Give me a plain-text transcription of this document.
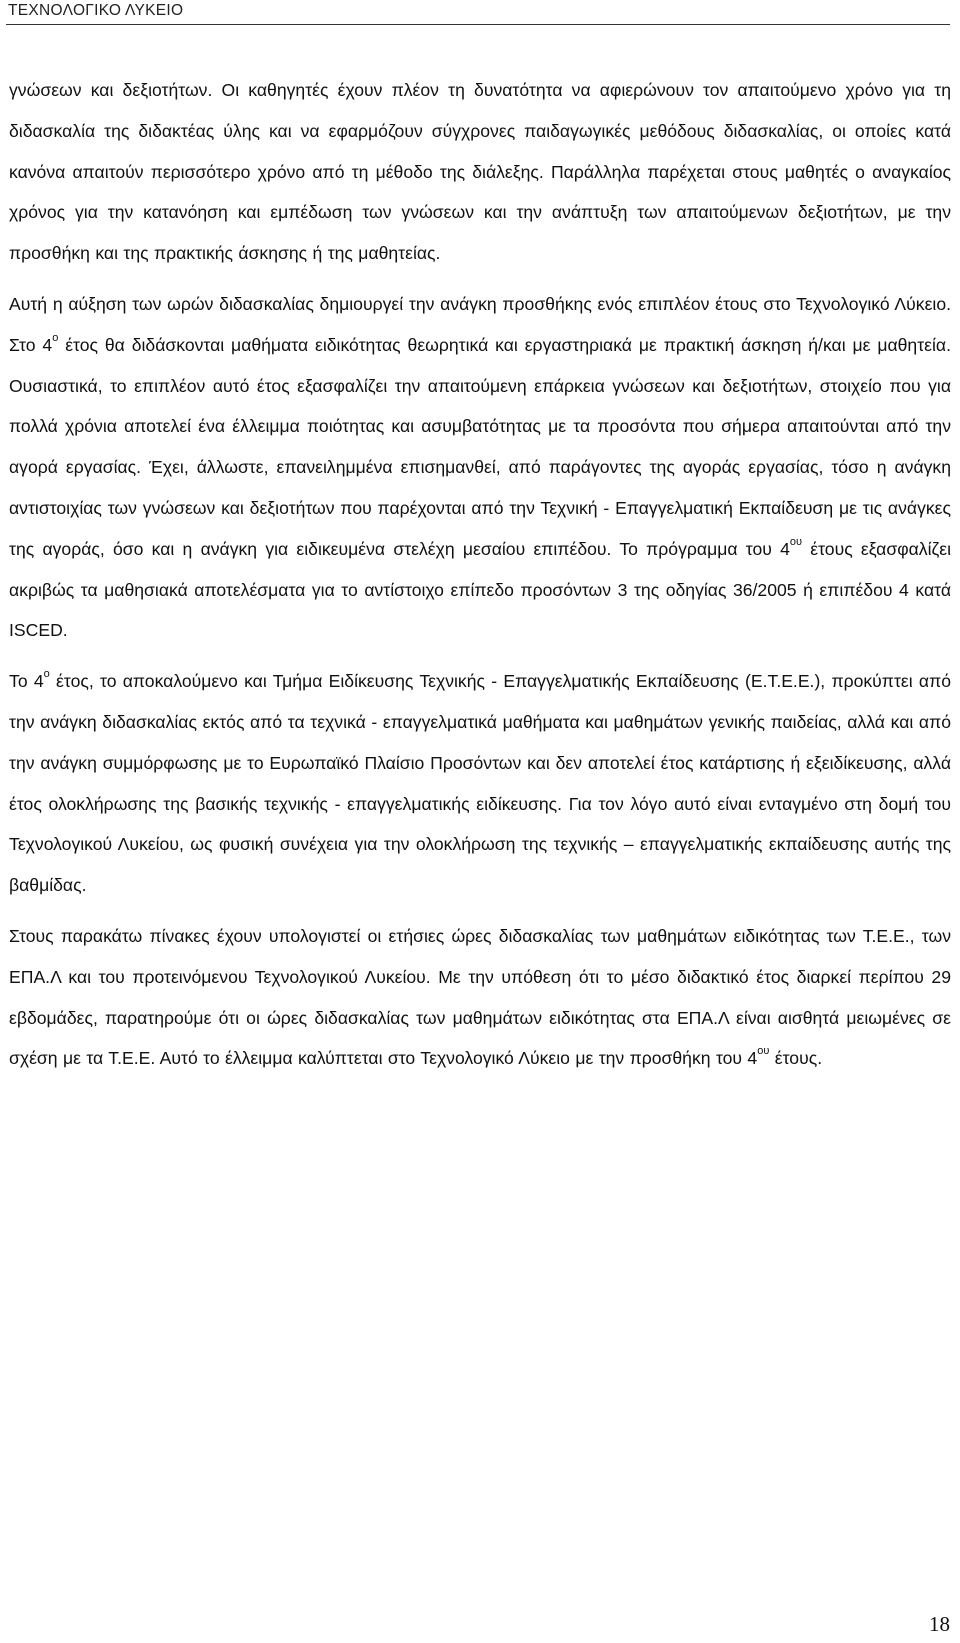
ΤΕΧΝΟΛΟΓΙΚΟ ΛΥΚΕΙΟ

γνώσεων και δεξιοτήτων. Οι καθηγητές έχουν πλέον τη δυνατότητα να αφιερώνουν τον απαιτούμενο χρόνο για τη διδασκαλία της διδακτέας ύλης και να εφαρμόζουν σύγχρονες παιδαγωγικές μεθόδους διδασκαλίας, οι οποίες κατά κανόνα απαιτούν περισσότερο χρόνο από τη μέθοδο της διάλεξης. Παράλληλα παρέχεται στους μαθητές ο αναγκαίος χρόνος για την κατανόηση και εμπέδωση των γνώσεων και την ανάπτυξη των απαιτούμενων δεξιοτήτων, με την προσθήκη και της πρακτικής άσκησης ή της μαθητείας.

Αυτή η αύξηση των ωρών διδασκαλίας δημιουργεί την ανάγκη προσθήκης ενός επιπλέον έτους στο Τεχνολογικό Λύκειο. Στο $4^o$ έτος θα διδάσκονται μαθήματα ειδικότητας θεωρητικά και εργαστηριακά με πρακτική άσκηση ή/και με μαθητεία. Ουσιαστικά, το επιπλέον αυτό έτος εξασφαλίζει την απαιτούμενη επάρκεια γνώσεων και δεξιοτήτων, στοιχείο που για πολλά χρόνια αποτελεί ένα έλλειμμα ποιότητας και ασυμβατότητας με τα προσόντα που σήμερα απαιτούνται από την αγορά εργασίας. Έχει, άλλωστε, επανειλημμένα επισημανθεί, από παράγοντες της αγοράς εργασίας, τόσο η ανάγκη αντιστοιχίας των γνώσεων και δεξιοτήτων που παρέχονται από την Τεχνική - Επαγγελματική Εκπαίδευση με τις ανάγκες της αγοράς, όσο και η ανάγκη για ειδικευμένα στελέχη μεσαίου επιπέδου. Το πρόγραμμα του $4^{o\upsilon}$ έτους εξασφαλίζει ακριβώς τα μαθησιακά αποτελέσματα για το αντίστοιχο επίπεδο προσόντων 3 της οδηγίας 36/2005 ή επιπέδου 4 κατά ISCED.

Το $4^o$ έτος, το αποκαλούμενο και Τμήμα Ειδίκευσης Τεχνικής - Επαγγελματικής Εκπαίδευσης (Ε.Τ.Ε.Ε.), προκύπτει από την ανάγκη διδασκαλίας εκτός από τα τεχνικά - επαγγελματικά μαθήματα και μαθημάτων γενικής παιδείας, αλλά και από την ανάγκη συμμόρφωσης με το Ευρωπαϊκό Πλαίσιο Προσόντων και δεν αποτελεί έτος κατάρτισης ή εξειδίκευσης, αλλά έτος ολοκλήρωσης της βασικής τεχνικής - επαγγελματικής ειδίκευσης. Για τον λόγο αυτό είναι ενταγμένο στη δομή του Τεχνολογικού Λυκείου, ως φυσική συνέχεια για την ολοκλήρωση της τεχνικής – επαγγελματικής εκπαίδευσης αυτής της βαθμίδας.

Στους παρακάτω πίνακες έχουν υπολογιστεί οι ετήσιες ώρες διδασκαλίας των μαθημάτων ειδικότητας των Τ.Ε.Ε., των ΕΠΑ.Λ και του προτεινόμενου Τεχνολογικού Λυκείου. Με την υπόθεση ότι το μέσο διδακτικό έτος διαρκεί περίπου 29 εβδομάδες, παρατηρούμε ότι οι ώρες διδασκαλίας των μαθημάτων ειδικότητας στα ΕΠΑ.Λ είναι αισθητά μειωμένες σε σχέση με τα Τ.Ε.Ε. Αυτό το έλλειμμα καλύπτεται στο Τεχνολογικό Λύκειο με την προσθήκη του $4^{o\upsilon}$ έτους.

18
